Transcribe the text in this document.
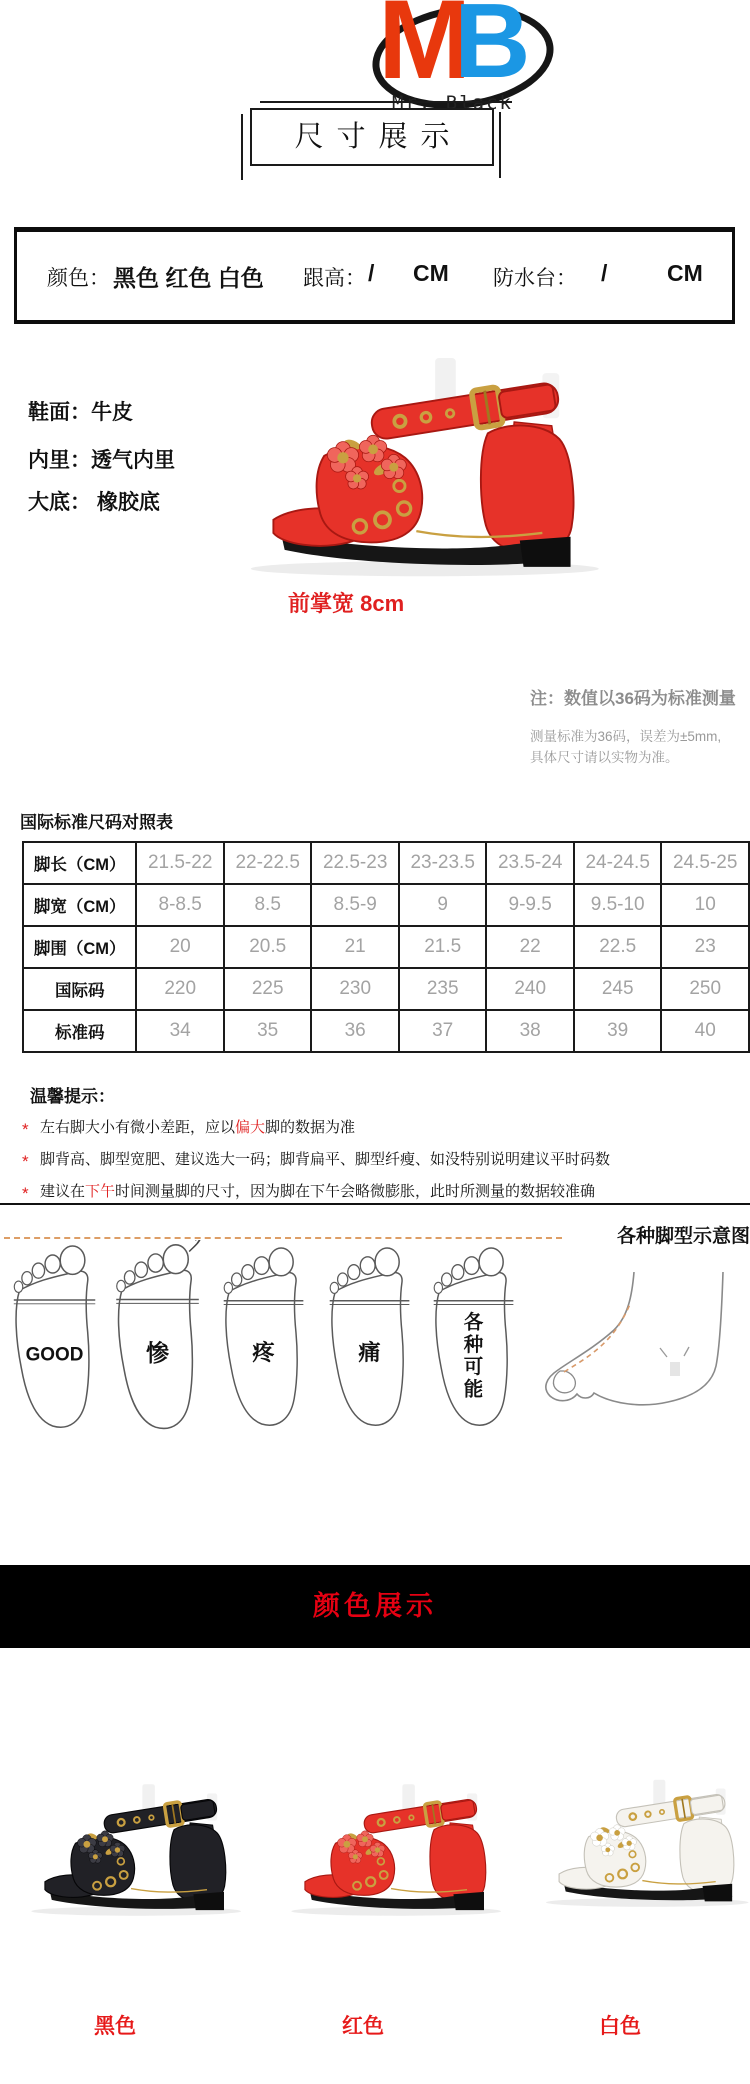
M
B
Mr. Black
尺寸展示
颜色： 黑色 红色 白色 跟高： / CM 防水台： /	CM
鞋面：牛皮
内里：透气内里
大底： 橡胶底
前掌宽 8cm
注：数值以36码为标准测量
测量标准为36码，误差为±5mm,
具体尺寸请以实物为准。
国际标准尺码对照表
脚长（CM）	21.5-22	22-22.5	22.5-23	23-23.5	23.5-24	24-24.5	24.5-25
脚宽（CM）	8-8.5	8.5	8.5-9	9	9-9.5	9.5-10	10
脚围（CM）	20	20.5	21	21.5	22	22.5	23
国际码	220	225	230	235	240	245	250
标准码	34	35	36	37	38	39	40
温馨提示：
* 左右脚大小有微小差距，应以偏大脚的数据为准
* 脚背高、脚型宽肥、建议选大一码；脚背扁平、脚型纤瘦、如没特别说明建议平时码数
* 建议在下午时间测量脚的尺寸，因为脚在下午会略微膨胀，此时所测量的数据较准确
各种脚型示意图
GOOD	惨	疼	痛
各种可能
颜色展示
黑色	红色	白色
